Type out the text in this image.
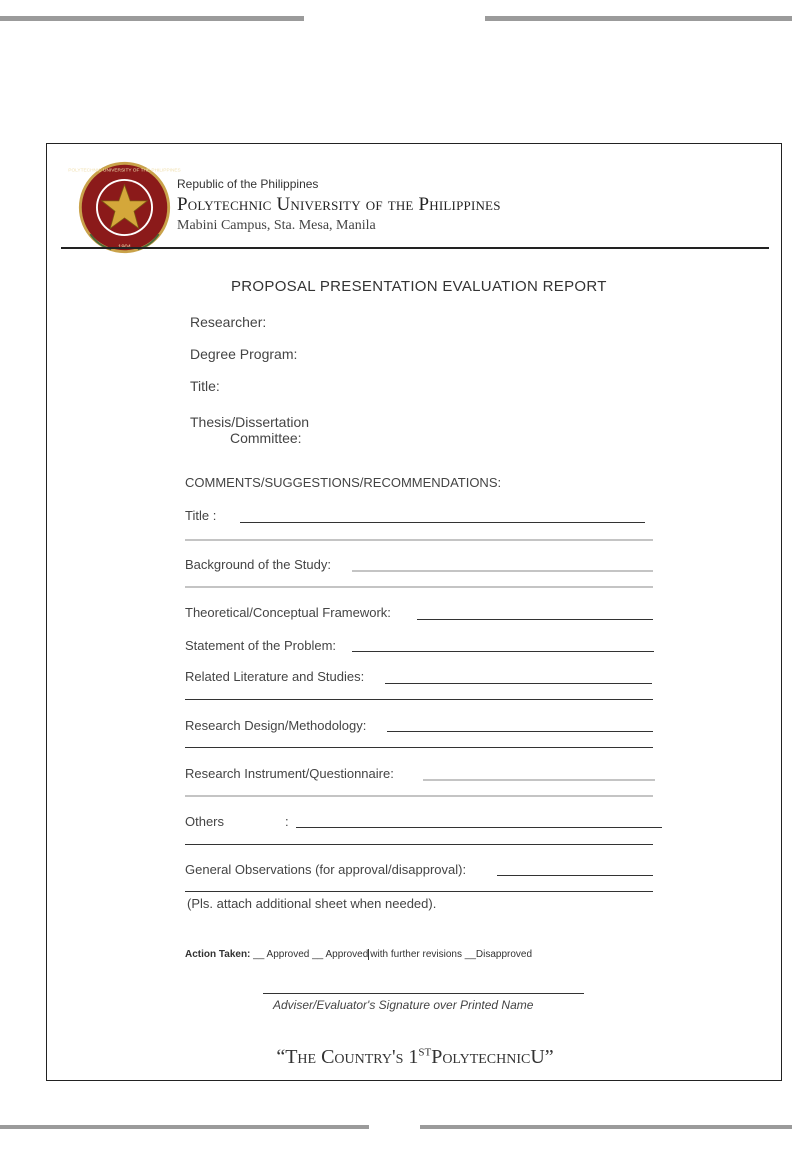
POLYTECHNIC UNIVERSITY OF THE PHILIPPINES
Republic of the Philippines
Polytechnic University of the Philippines
Mabini Campus, Sta. Mesa, Manila
PROPOSAL PRESENTATION EVALUATION REPORT
Researcher:
Degree Program:
Title:
Thesis/Dissertation
Committee:
COMMENTS/SUGGESTIONS/RECOMMENDATIONS:
Title :
Background of the Study:
Theoretical/Conceptual Framework:
Statement of the Problem:
Related Literature and Studies:
Research Design/Methodology:
Research Instrument/Questionnaire:
Others	:
General Observations (for approval/disapproval):
(Pls. attach additional sheet when needed).
Action Taken: __ Approved __ Approved with further revisions __Disapproved
Adviser/Evaluator's Signature over Printed Name
“The Country's 1STPolytechnicU”
